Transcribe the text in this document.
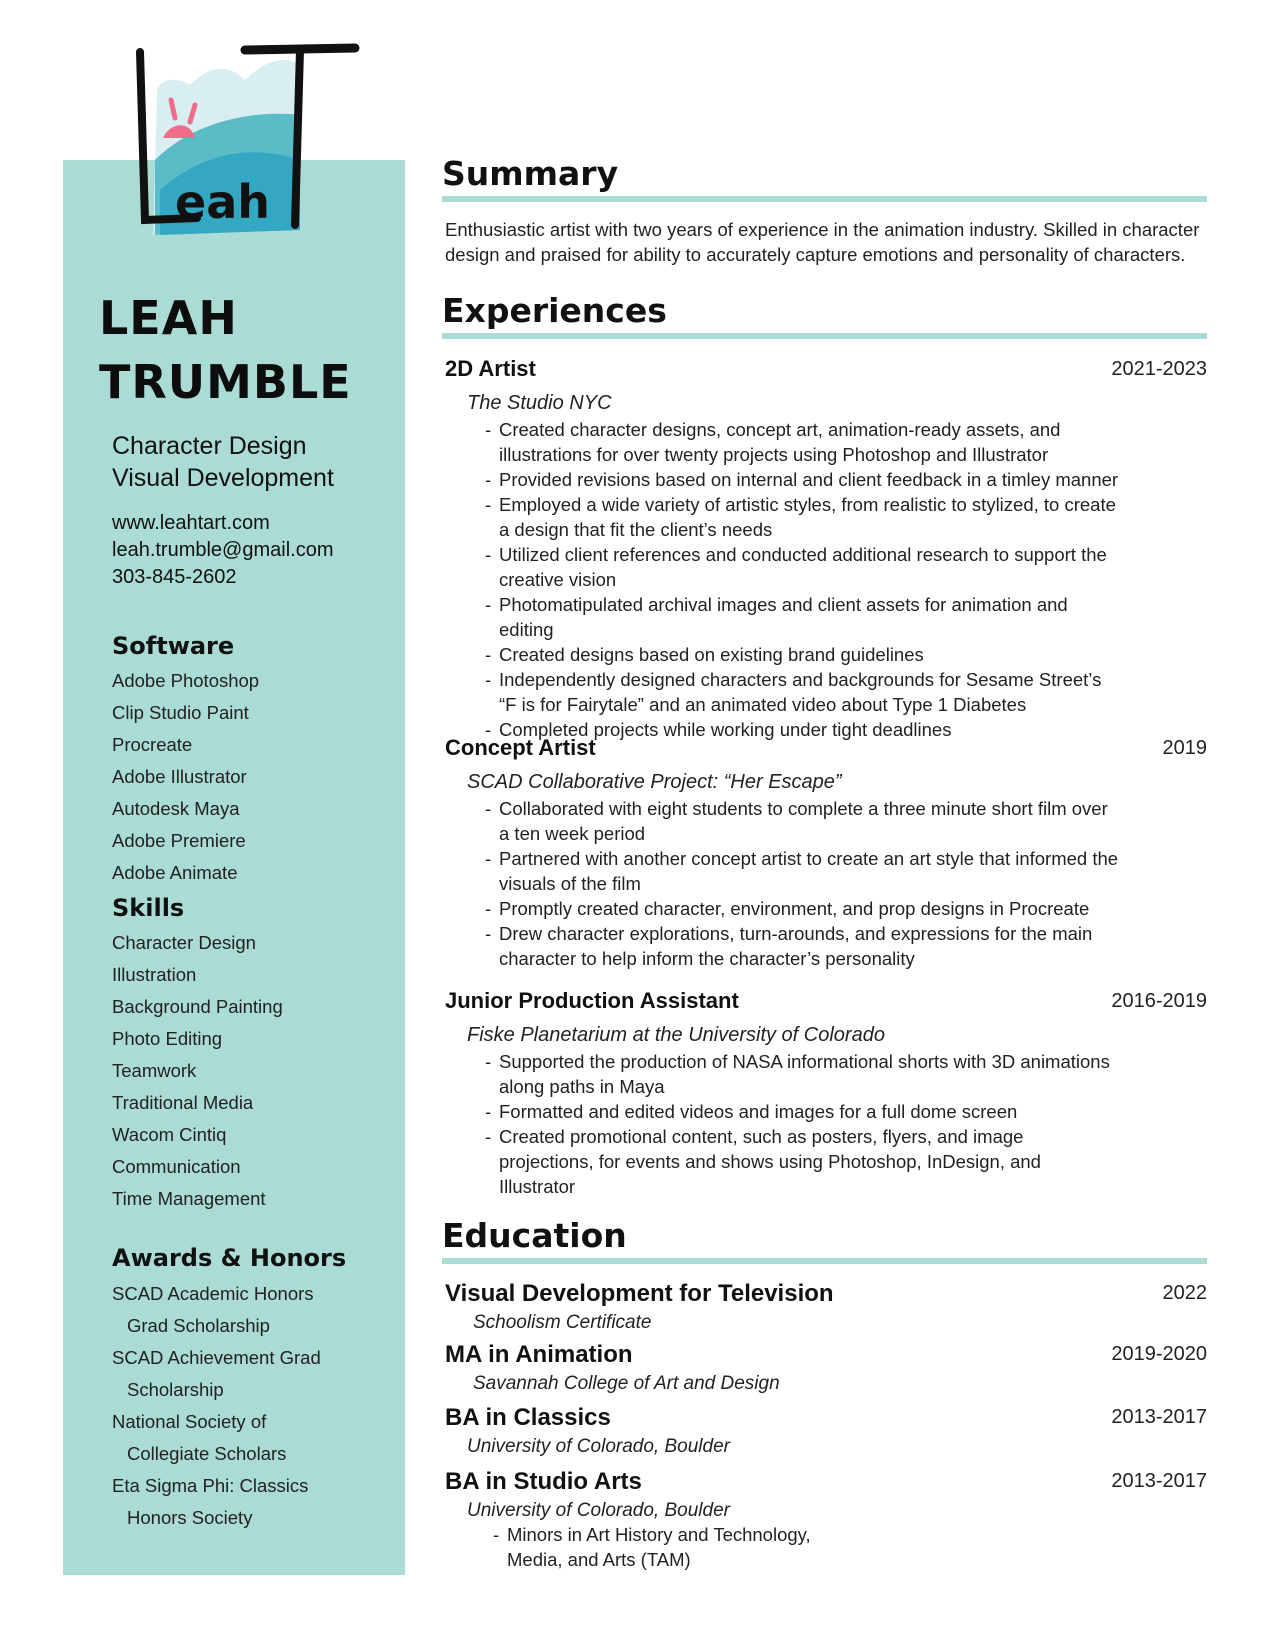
eah
LeahT
LEAH
TRUMBLE
Character Design
Visual Development
www.leahtart.com
leah.trumble@gmail.com
303-845-2602
Software
Adobe Photoshop
Clip Studio Paint
Procreate
Adobe Illustrator
Autodesk Maya
Adobe Premiere
Adobe Animate
Skills
Character Design
Illustration
Background Painting
Photo Editing
Teamwork
Traditional Media
Wacom Cintiq
Communication
Time Management
Awards & Honors
SCAD Academic Honors
Grad Scholarship
SCAD Achievement Grad
Scholarship
National Society of
Collegiate Scholars
Eta Sigma Phi: Classics
Honors Society
Summary
Enthusiastic artist with two years of experience in the animation industry. Skilled in character design and praised for ability to accurately capture emotions and personality of characters.
Experiences
2D Artist	2021-2023
The Studio NYC
- Created character designs, concept art, animation-ready assets, and illustrations for over twenty projects using Photoshop and Illustrator
- Provided revisions based on internal and client feedback in a timley manner
- Employed a wide variety of artistic styles, from realistic to stylized, to create a design that fit the client’s needs
- Utilized client references and conducted additional research to support the creative vision
- Photomatipulated archival images and client assets for animation and editing
- Created designs based on existing brand guidelines
- Independently designed characters and backgrounds for Sesame Street’s “F is for Fairytale” and an animated video about Type 1 Diabetes
- Completed projects while working under tight deadlines
Concept Artist	2019
SCAD Collaborative Project: “Her Escape”
- Collaborated with eight students to complete a three minute short film over a ten week period
- Partnered with another concept artist to create an art style that informed the visuals of the film
- Promptly created character, environment, and prop designs in Procreate
- Drew character explorations, turn-arounds, and expressions for the main character to help inform the character’s personality
Junior Production Assistant	2016-2019
Fiske Planetarium at the University of Colorado
- Supported the production of NASA informational shorts with 3D animations along paths in Maya
- Formatted and edited videos and images for a full dome screen
- Created promotional content, such as posters, flyers, and image projections, for events and shows using Photoshop, InDesign, and Illustrator
Education
Visual Development for Television	2022
Schoolism Certificate
MA in Animation	2019-2020
Savannah College of Art and Design
BA in Classics	2013-2017
University of Colorado, Boulder
BA in Studio Arts	2013-2017
University of Colorado, Boulder
- Minors in Art History and Technology, Media, and Arts (TAM)
